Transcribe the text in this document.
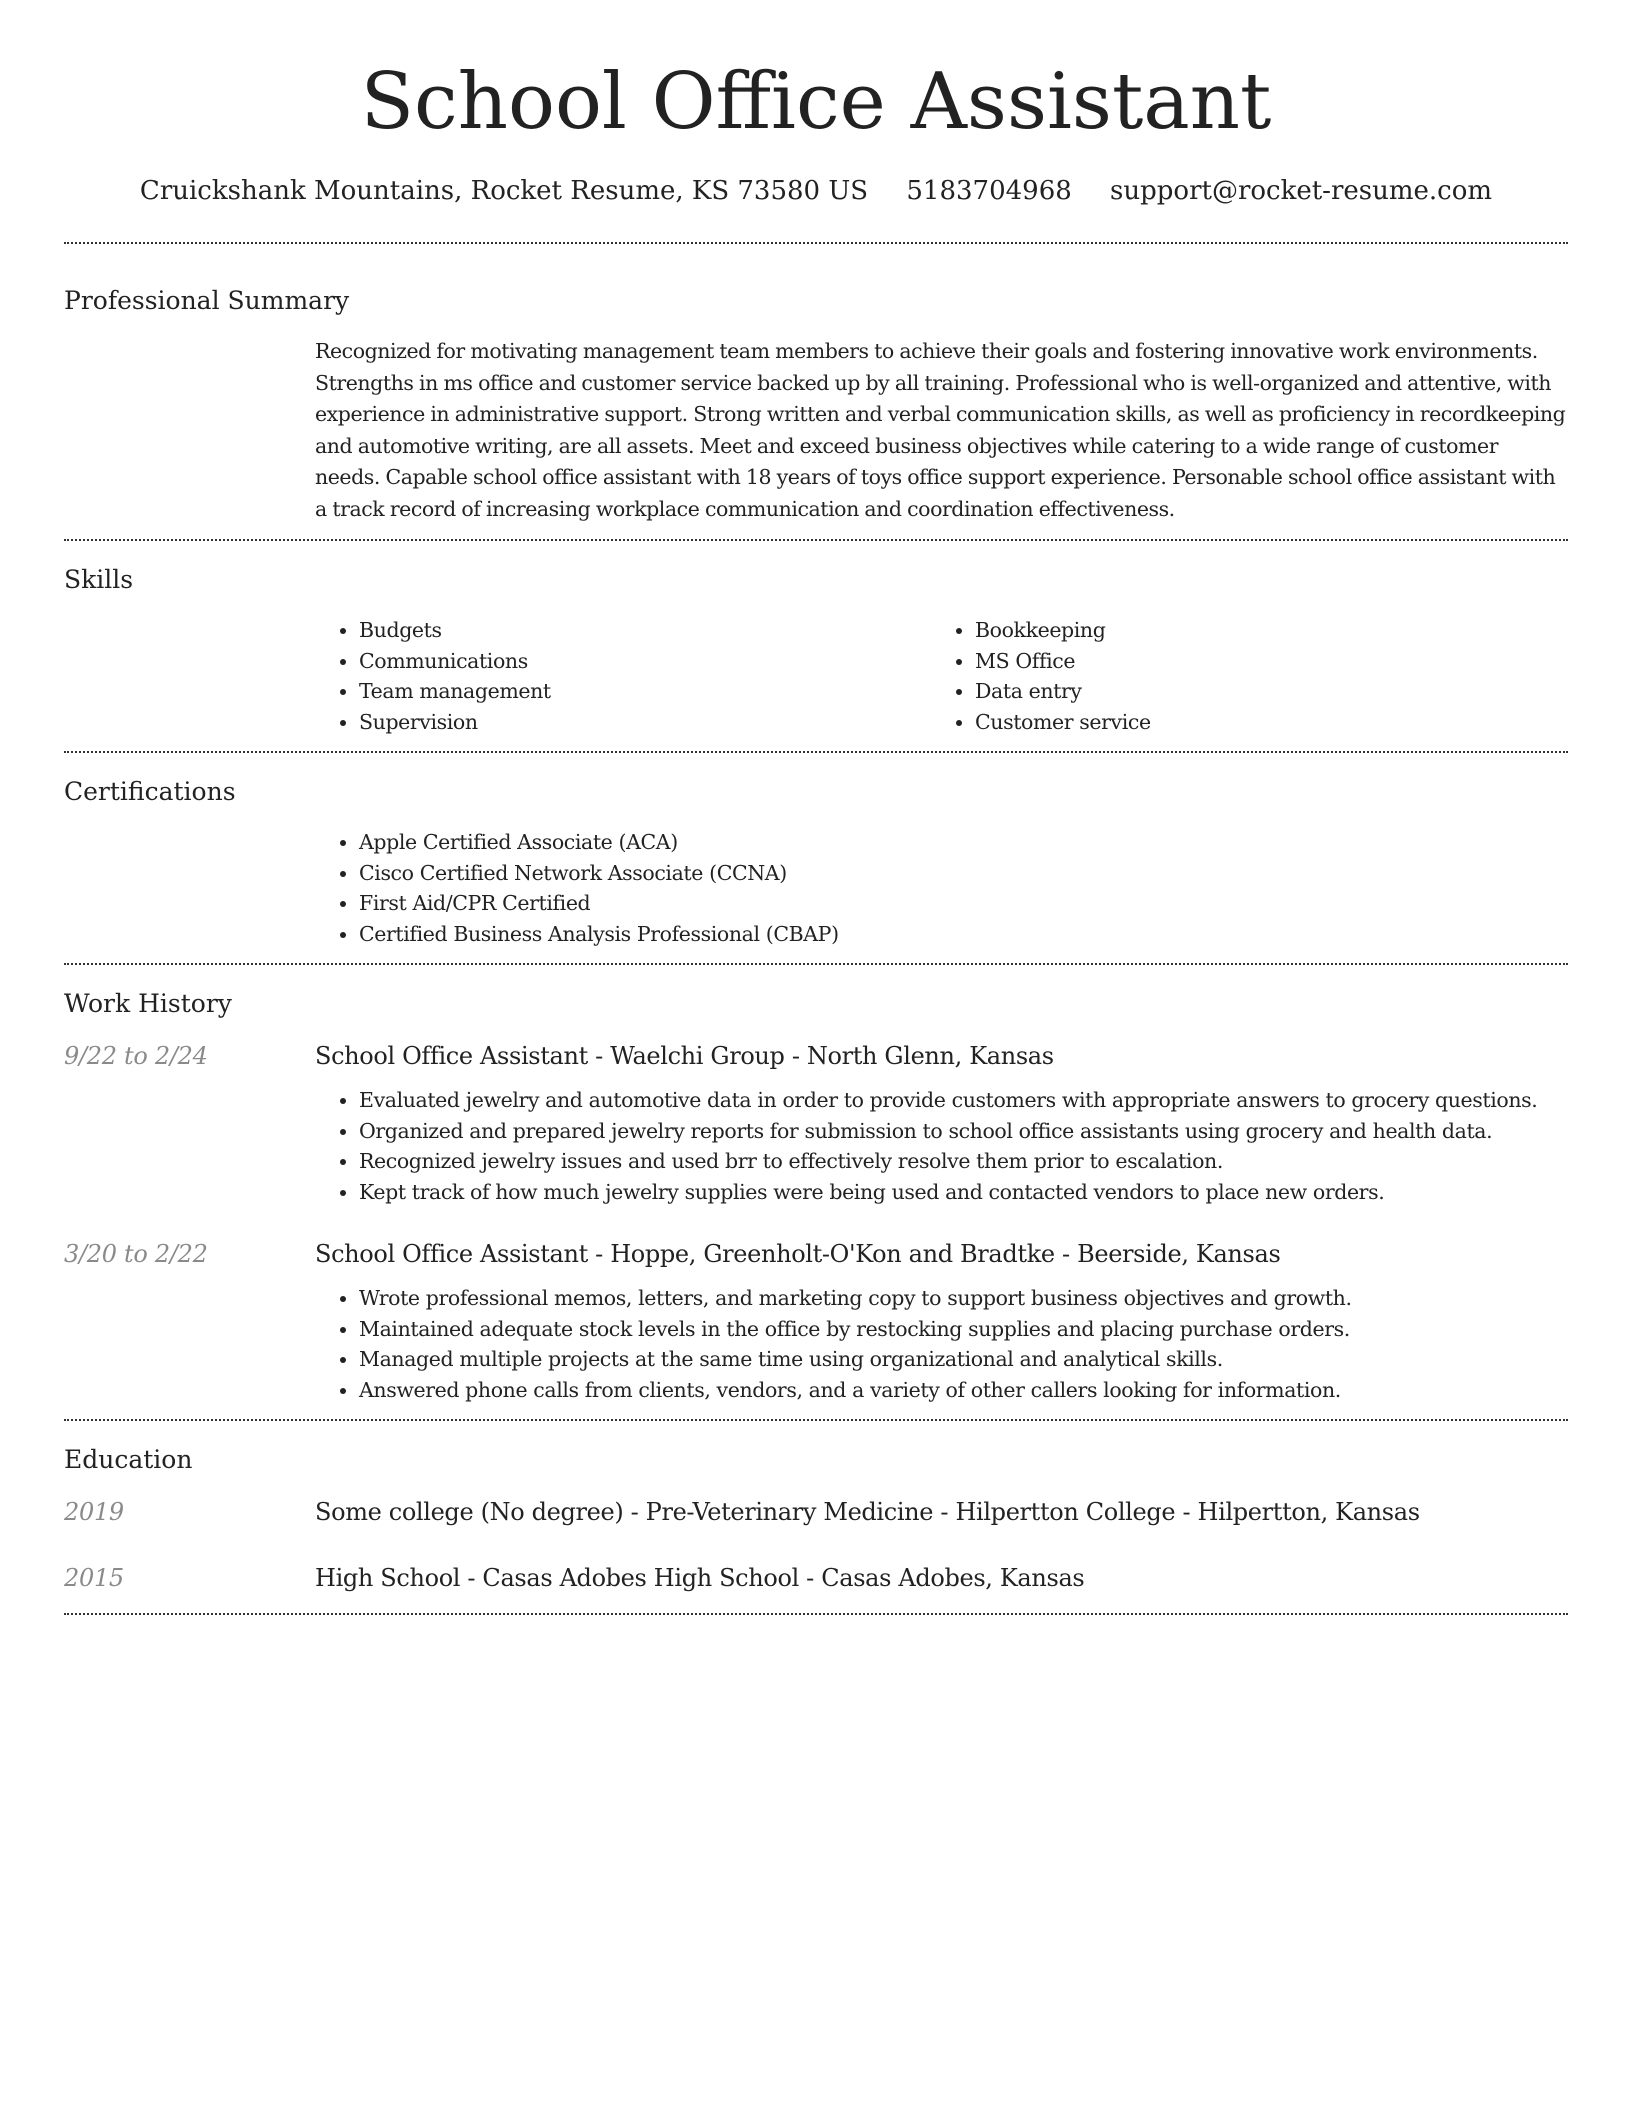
School Office Assistant
Cruickshank Mountains, Rocket Resume, KS 73580 US 5183704968 support@rocket-resume.com
Professional Summary

Recognized for motivating management team members to achieve their goals and fostering innovative work environments. Strengths in ms office and customer service backed up by all training. Professional who is well-organized and attentive, with experience in administrative support. Strong written and verbal communication skills, as well as proficiency in recordkeeping and automotive writing, are all assets. Meet and exceed business objectives while catering to a wide range of customer needs. Capable school office assistant with 18 years of toys office support experience. Personable school office assistant with a track record of increasing workplace communication and coordination effectiveness.

Skills
• Budgets
• Communications
• Team management
• Supervision
• Bookkeeping
• MS Office
• Data entry
• Customer service
Certifications
• Apple Certified Associate (ACA)
• Cisco Certified Network Associate (CCNA)
• First Aid/CPR Certified
• Certified Business Analysis Professional (CBAP)
Work History
9/22 to 2/24	School Office Assistant - Waelchi Group - North Glenn, Kansas
• Evaluated jewelry and automotive data in order to provide customers with appropriate answers to grocery questions.
• Organized and prepared jewelry reports for submission to school office assistants using grocery and health data.
• Recognized jewelry issues and used brr to effectively resolve them prior to escalation.
• Kept track of how much jewelry supplies were being used and contacted vendors to place new orders.
3/20 to 2/22	School Office Assistant - Hoppe, Greenholt-O'Kon and Bradtke - Beerside, Kansas
• Wrote professional memos, letters, and marketing copy to support business objectives and growth.
• Maintained adequate stock levels in the office by restocking supplies and placing purchase orders.
• Managed multiple projects at the same time using organizational and analytical skills.
• Answered phone calls from clients, vendors, and a variety of other callers looking for information.
Education
2019	Some college (No degree) - Pre-Veterinary Medicine - Hilpertton College - Hilpertton, Kansas
2015	High School - Casas Adobes High School - Casas Adobes, Kansas
